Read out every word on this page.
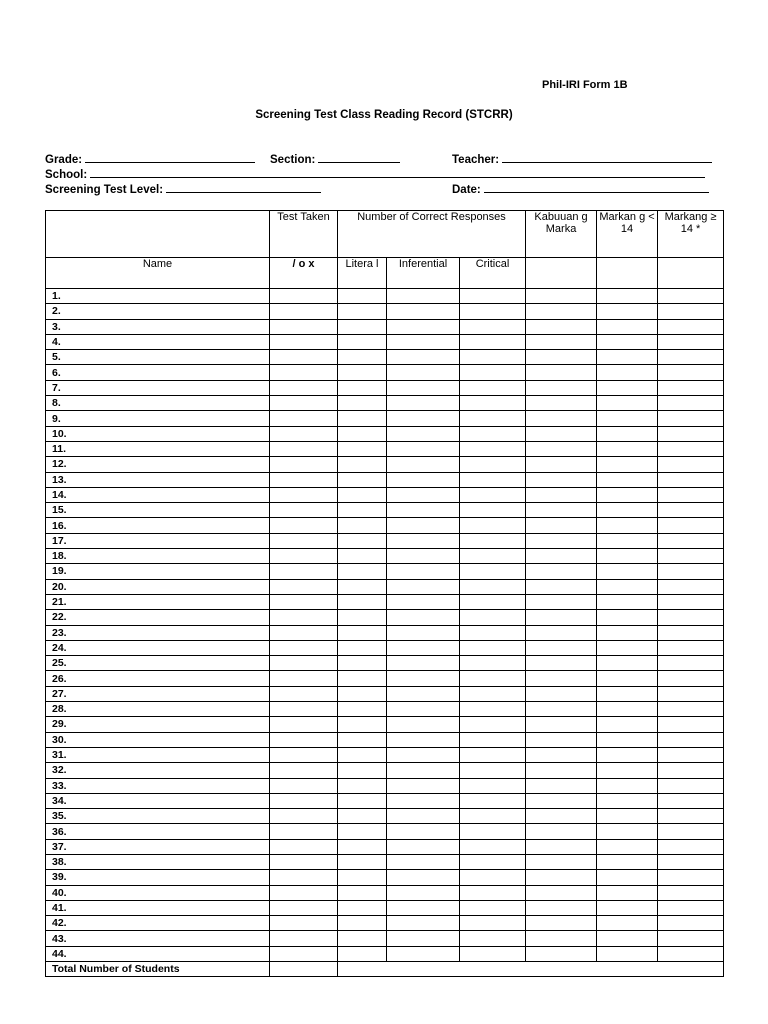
Phil-IRI Form 1B
Screening Test Class Reading Record (STCRR)
Grade:	Section:	Teacher:
School:
Screening Test Level:	Date:
	Test Taken	Number of Correct Responses			Kabuuan g Marka	Markan g < 14	Markang ≥ 14 *
Name	/ o x	Litera l	Inferential	Critical			
1.							
2.							
3.							
4.							
5.							
6.							
7.							
8.							
9.							
10.							
11.							
12.							
13.							
14.							
15.							
16.							
17.							
18.							
19.							
20.							
21.							
22.							
23.							
24.							
25.							
26.							
27.							
28.							
29.							
30.							
31.							
32.							
33.							
34.							
35.							
36.							
37.							
38.							
39.							
40.							
41.							
42.							
43.							
44.							
Total Number of Students							
